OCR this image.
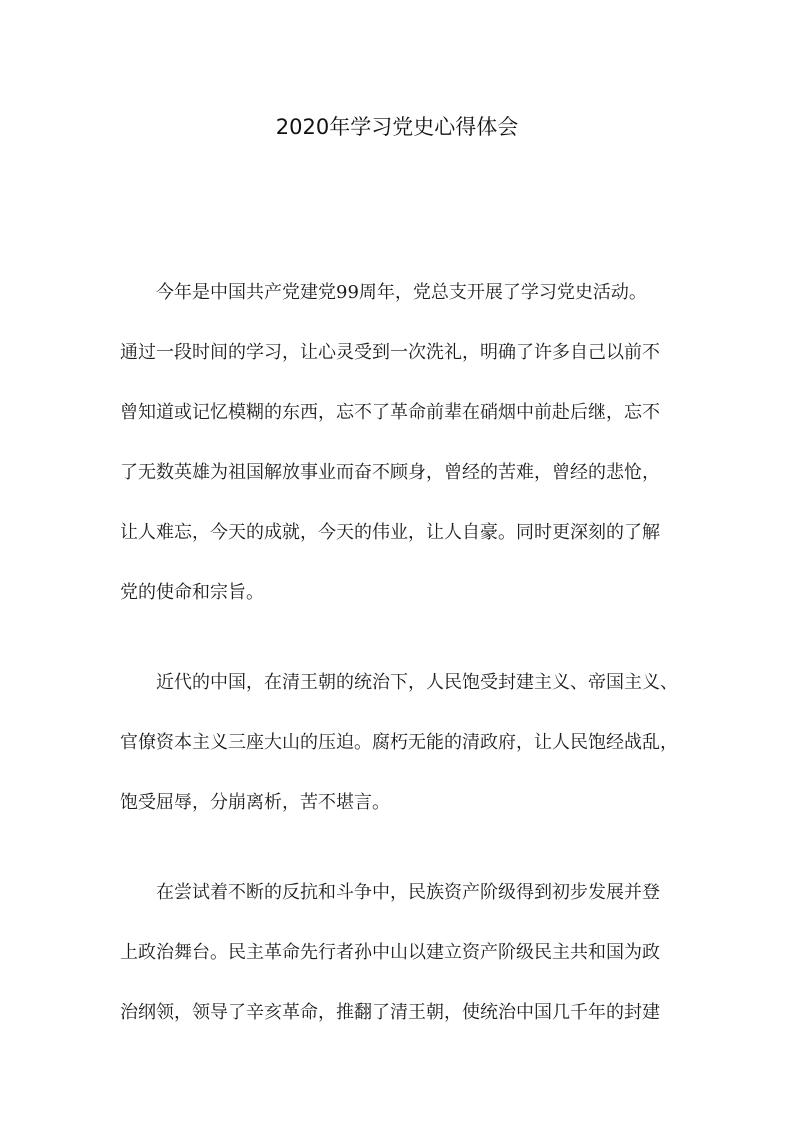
2020年学习党史心得体会
　　今年是中国共产党建党99周年，党总支开展了学习党史活动。
通过一段时间的学习，让心灵受到一次洗礼，明确了许多自己以前不
曾知道或记忆模糊的东西，忘不了革命前辈在硝烟中前赴后继，忘不
了无数英雄为祖国解放事业而奋不顾身，曾经的苦难，曾经的悲怆，
让人难忘，今天的成就，今天的伟业，让人自豪。同时更深刻的了解
党的使命和宗旨。
　　近代的中国，在清王朝的统治下，人民饱受封建主义、帝国主义、
官僚资本主义三座大山的压迫。腐朽无能的清政府，让人民饱经战乱，
饱受屈辱，分崩离析，苦不堪言。
　　在尝试着不断的反抗和斗争中，民族资产阶级得到初步发展并登
上政治舞台。民主革命先行者孙中山以建立资产阶级民主共和国为政
治纲领，领导了辛亥革命，推翻了清王朝，使统治中国几千年的封建
